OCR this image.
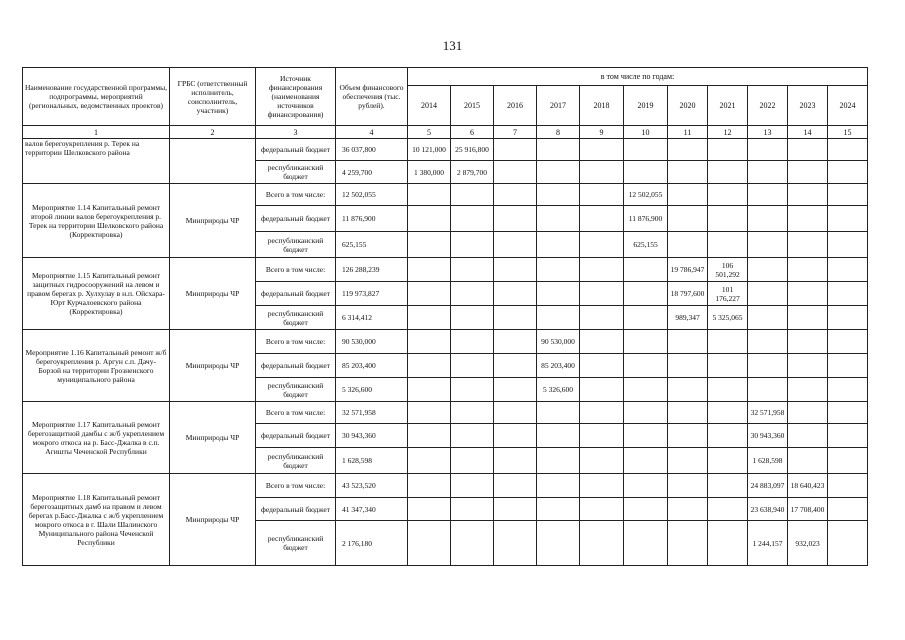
131
Наименование государственной программы, подпрограммы, мероприятий (региональных, ведомственных проектов)	ГРБС (ответственный исполнитель, соисполнитель, участник)	Источник финансирования (наименования источников финансирования)	Объем финансового обеспечения (тыс. рублей).	в том числе по годам:										
				2014	2015	2016	2017	2018	2019	2020	2021	2022	2023	2024
1	2	3	4	5	6	7	8	9	10	11	12	13	14	15
валов берегоукрепления р. Терек на территории Шелковского района		федеральный бюджет	36 037,800	10 121,000	25 916,800									
		республиканский бюджет	4 259,700	1 380,000	2 879,700									
Мероприятие 1.14 Капитальный ремонт второй линии валов берегоукрепления р. Терек на территории Шелковского района (Корректировка)	Минприроды ЧР	Всего в том числе:	12 502,055						12 502,055					
		федеральный бюджет	11 876,900						11 876,900					
		республиканский бюджет	625,155						625,155					
Мероприятие 1.15 Капитальный ремонт защитных гидросооружений на левом и правом берегах р. Хулхулау в н.п. Ойсхара-Юрт Курчалоевского района (Корректировка)	Минприроды ЧР	Всего в том числе:	126 288,239							19 786,947	106 501,292			
		федеральный бюджет	119 973,827							18 797,600	101 176,227			
		республиканский бюджет	6 314,412							989,347	5 325,065			
Мероприятие 1.16 Капитальный ремонт ж/б берегоукрепления р. Аргун с.п. Дачу-Борзой на территории Грозненского муниципального района	Минприроды ЧР	Всего в том числе:	90 530,000				90 530,000							
		федеральный бюджет	85 203,400				85 203,400							
		республиканский бюджет	5 326,600				5 326,600							
Мероприятие 1.17 Капитальный ремонт берегозащитной дамбы с ж/б укреплением мокрого откоса на р. Басс-Джалка в с.п. Агишты Чеченской Республики	Минприроды ЧР	Всего в том числе:	32 571,958									32 571,958		
		федеральный бюджет	30 943,360									30 943,360		
		республиканский бюджет	1 628,598									1 628,598		
Мероприятие 1.18 Капитальный ремонт берегозащитных дамб на правом и левом берегах р.Басс-Джалка с ж/б укреплением мокрого откоса в г. Шали Шалинского Муниципального района Чеченской Республики	Минприроды ЧР	Всего в том числе:	43 523,520									24 883,097	18 640,423	
		федеральный бюджет	41 347,340									23 638,940	17 708,400	
		республиканский бюджет	2 176,180									1 244,157	932,023	
